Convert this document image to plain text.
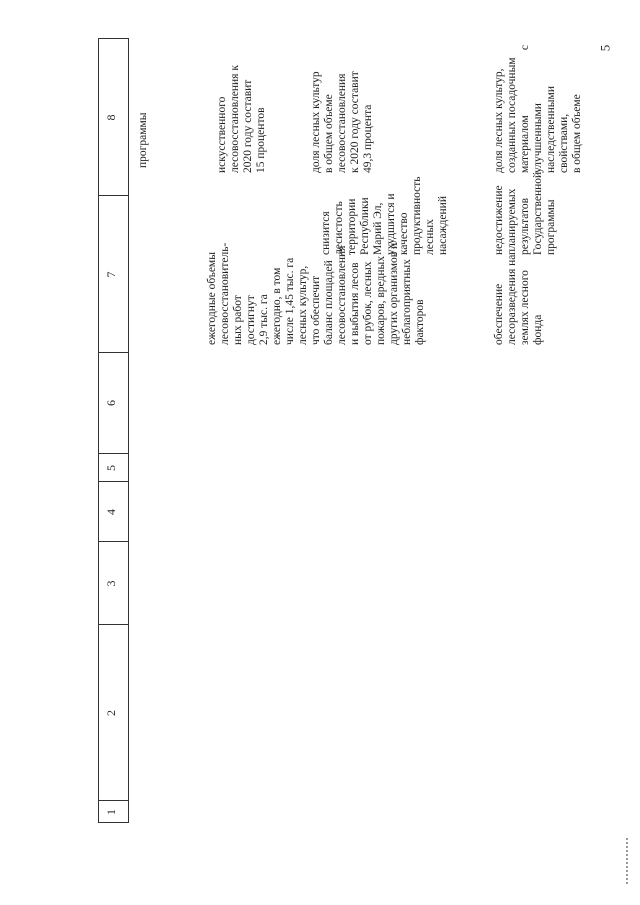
5
1
2
3
4
5
6
7
8	программы	искусственного лесовосстановления к 2020 году составит 15 процентов
ежегодные объемы лесовосстановитель- ных работ достигнут 2,9 тыс. га ежегодно, в том числе 1,45 тыс. га лесных культур, что обеспечит баланс площадей лесовосстановления и выбытия лесов от рубок, лесных пожаров, вредных других организмов и неблагоприятных факторов
снизится лесистость территории Республики Марий Эл, ухудшится и качество продуктивность лесных насаждений
доля лесных культур в общем объеме лесовосстановления к 2020 году составит 49,3 процента
обеспечение лесоразведения на землях лесного фонда
недостижение планируемых результатов Государственной программы
доля лесных культур, созданных посадочным материалом с улучшенными наследственными свойствами, в общем объеме
